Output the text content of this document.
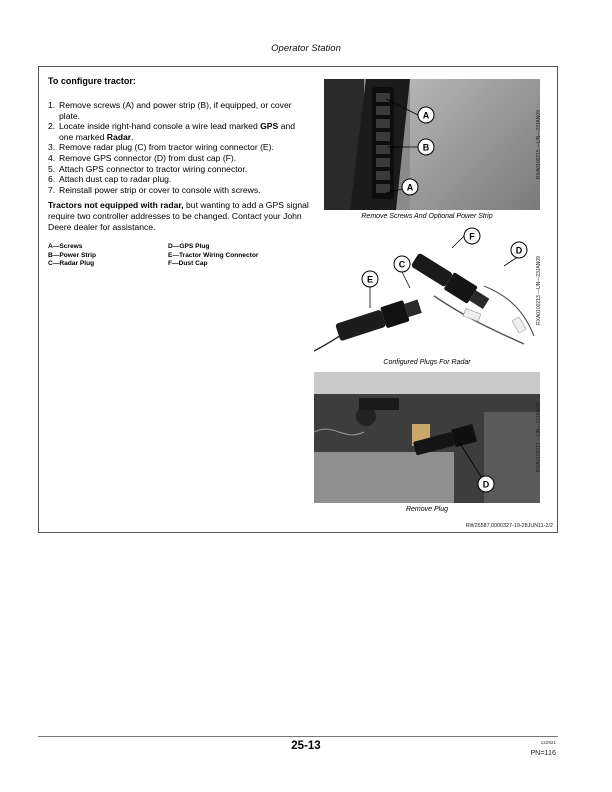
Operator Station

To configure tractor:

1. Remove screws (A) and power strip (B), if equipped, or cover plate.
2. Locate inside right-hand console a wire lead marked GPS and one marked Radar.
3. Remove radar plug (C) from tractor wiring connector (E).
4. Remove GPS connector (D) from dust cap (F).
5. Attach GPS connector to tractor wiring connector.
6. Attach dust cap to radar plug.
7. Reinstall power strip or cover to console with screws.
Tractors not equipped with radar, but wanting to add a GPS signal require two controller addresses to be changed. Contact your John Deere dealer for assistance.
A—Screws	D—GPS Plug
B—Power Strip	E—Tractor Wiring Connector
C—Radar Plug	F—Dust Cap
A
B
A
RXA0100215 —UN—23JAN09
Remove Screws And Optional Power Strip
F
D
C
E	RXA0100213 —UN—23JAN09
Configured Plugs For Radar
D
RXA0100217 —UN—23JAN09
Remove Plug
RW25587,0000327-19-28JUN11-2/2
25-13	122921
PN=116
